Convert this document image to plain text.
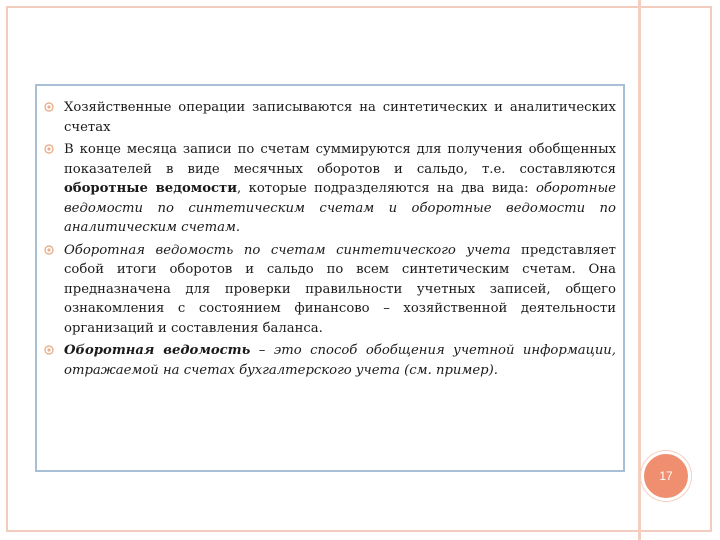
17

Хозяйственные операции записываются на синтетических и аналитических счетах

В конце месяца записи по счетам суммируются для получения обобщенных показателей в виде месячных оборотов и сальдо, т.е. составляются оборотные ведомости, которые подразделяются на два вида: оборотные ведомости по синтетическим счетам и оборотные ведомости по аналитическим счетам.

Оборотная ведомость по счетам синтетического учета представляет собой итоги оборотов и сальдо по всем синтетическим счетам. Она предназначена для проверки правильности учетных записей, общего ознакомления с состоянием финансово – хозяйственной деятельности организаций и составления баланса.

Оборотная ведомость – это способ обобщения учетной информации, отражаемой на счетах бухгалтерского учета (см. пример).
